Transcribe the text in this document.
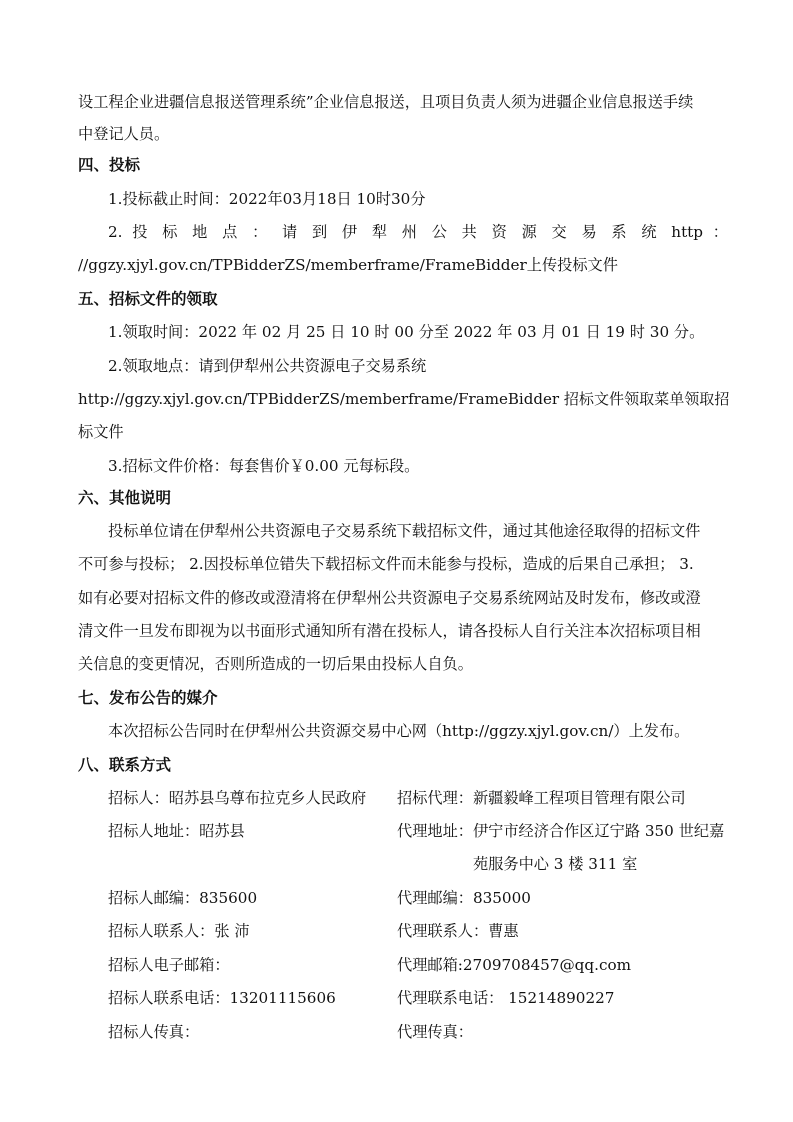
设工程企业进疆信息报送管理系统”企业信息报送，且项目负责人须为进疆企业信息报送手续
中登记人员。
四、投标
1.投标截止时间：2022年03月18日 10时30分
2. 投 标 地 点 ： 请 到 伊 犁 州 公 共 资 源 交 易 系 统 http ：
//ggzy.xjyl.gov.cn/TPBidderZS/memberframe/FrameBidder上传投标文件
五、招标文件的领取
1.领取时间：2022 年 02 月 25 日 10 时 00 分至 2022 年 03 月 01 日 19 时 30 分。
2.领取地点：请到伊犁州公共资源电子交易系统
http://ggzy.xjyl.gov.cn/TPBidderZS/memberframe/FrameBidder 招标文件领取菜单领取招
标文件
3.招标文件价格：每套售价￥0.00 元每标段。
六、其他说明
投标单位请在伊犁州公共资源电子交易系统下载招标文件，通过其他途径取得的招标文件
不可参与投标； 2.因投标单位错失下载招标文件而未能参与投标，造成的后果自己承担； 3.
如有必要对招标文件的修改或澄清将在伊犁州公共资源电子交易系统网站及时发布，修改或澄
清文件一旦发布即视为以书面形式通知所有潜在投标人，请各投标人自行关注本次招标项目相
关信息的变更情况，否则所造成的一切后果由投标人自负。
七、发布公告的媒介
本次招标公告同时在伊犁州公共资源交易中心网（http://ggzy.xjyl.gov.cn/）上发布。
八、联系方式
招标人：昭苏县乌尊布拉克乡人民政府 招标代理：新疆毅峰工程项目管理有限公司
招标人地址：昭苏县	代理地址：伊宁市经济合作区辽宁路 350 世纪嘉
苑服务中心 3 楼 311 室
招标人邮编：835600	代理邮编：835000
招标人联系人：张 沛	代理联系人：曹惠
招标人电子邮箱：	代理邮箱:2709708457@qq.com
招标人联系电话：13201115606	代理联系电话： 15214890227
招标人传真：	代理传真：
